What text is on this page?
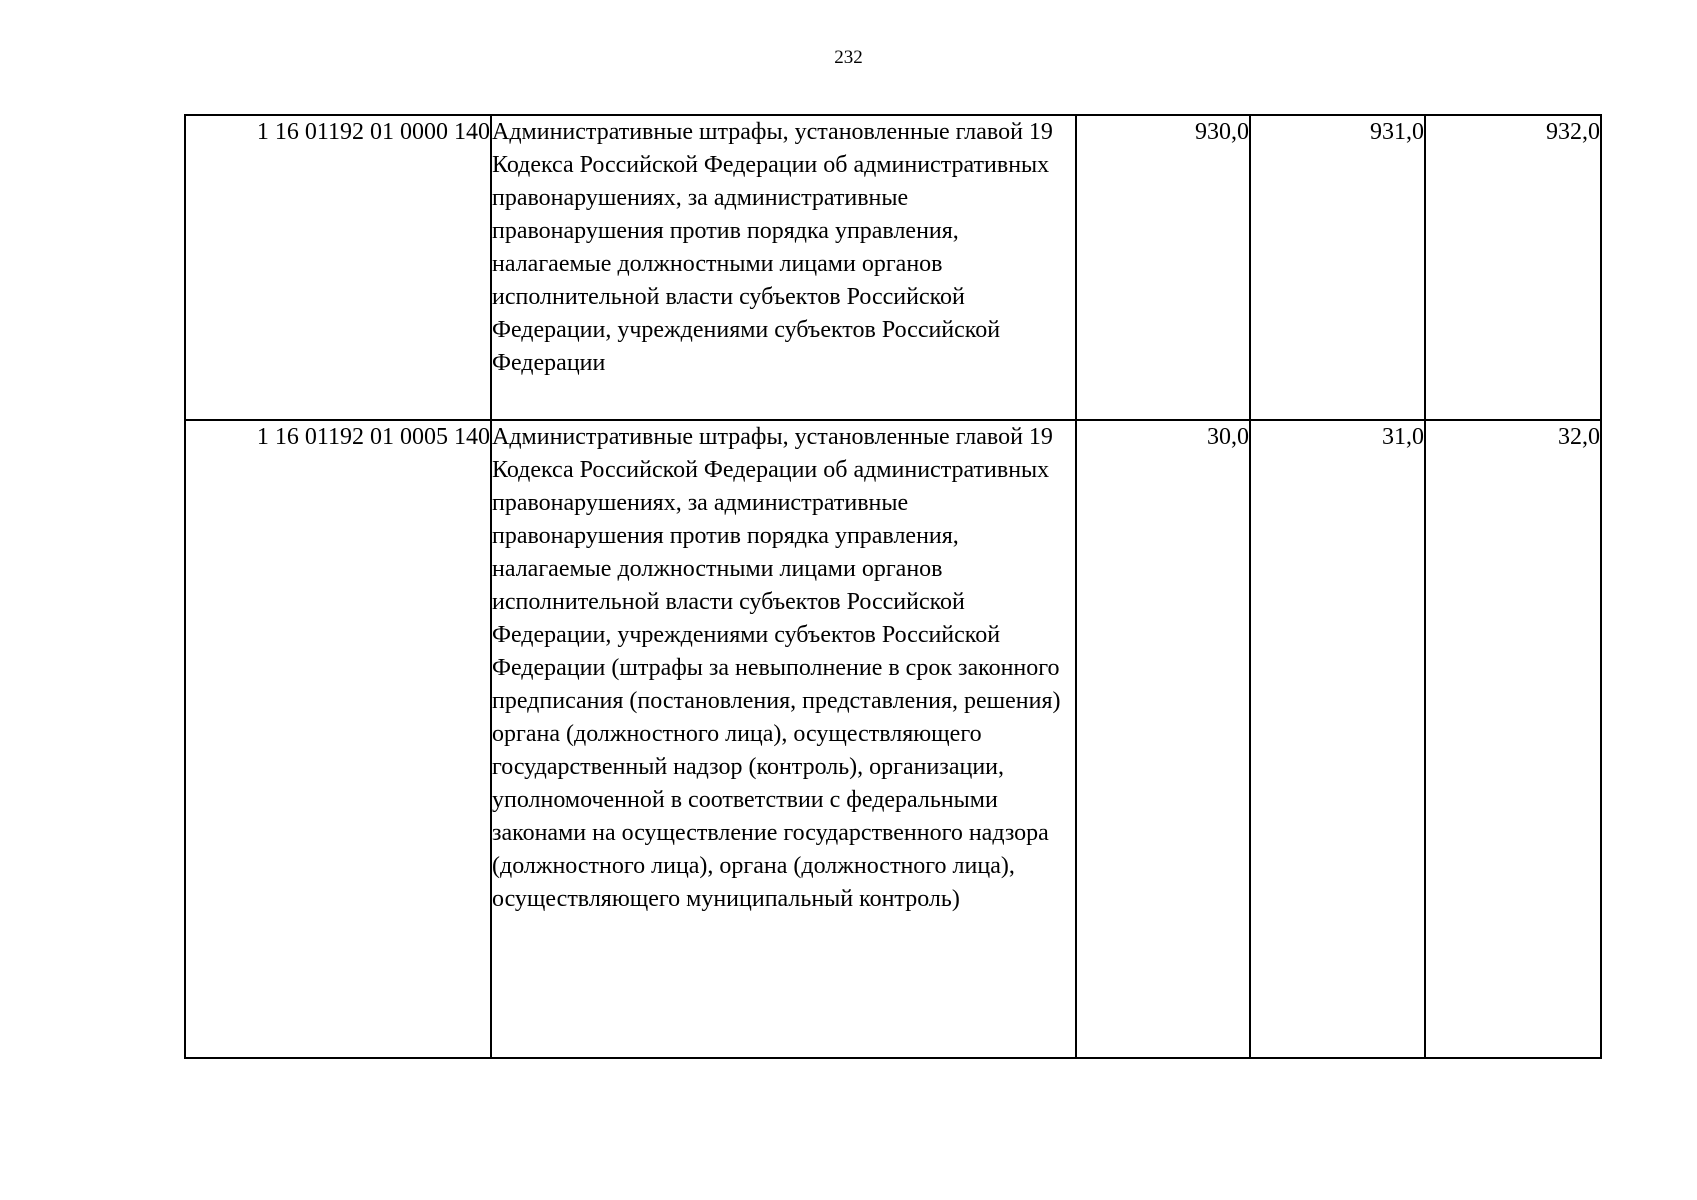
232
1 16 01192 01 0000 140	Административные штрафы, установленные главой 19 Кодекса Российской Федерации об административных правонарушениях, за административные правонарушения против порядка управления, налагаемые должностными лицами органов исполнительной власти субъектов Российской Федерации, учреждениями субъектов Российской Федерации	930,0	931,0	932,0

1 16 01192 01 0005 140	Административные штрафы, установленные главой 19 Кодекса Российской Федерации об административных правонарушениях, за административные правонарушения против порядка управления, налагаемые должностными лицами органов исполнительной власти субъектов Российской Федерации, учреждениями субъектов Российской Федерации (штрафы за невыполнение в срок законного предписания (постановления, представления, решения) органа (должностного лица), осуществляющего государственный надзор (контроль), организации, уполномоченной в соответствии с федеральными законами на осуществление государственного надзора (должностного лица), органа (должностного лица), осуществляющего муниципальный контроль)	30,0	31,0	32,0
